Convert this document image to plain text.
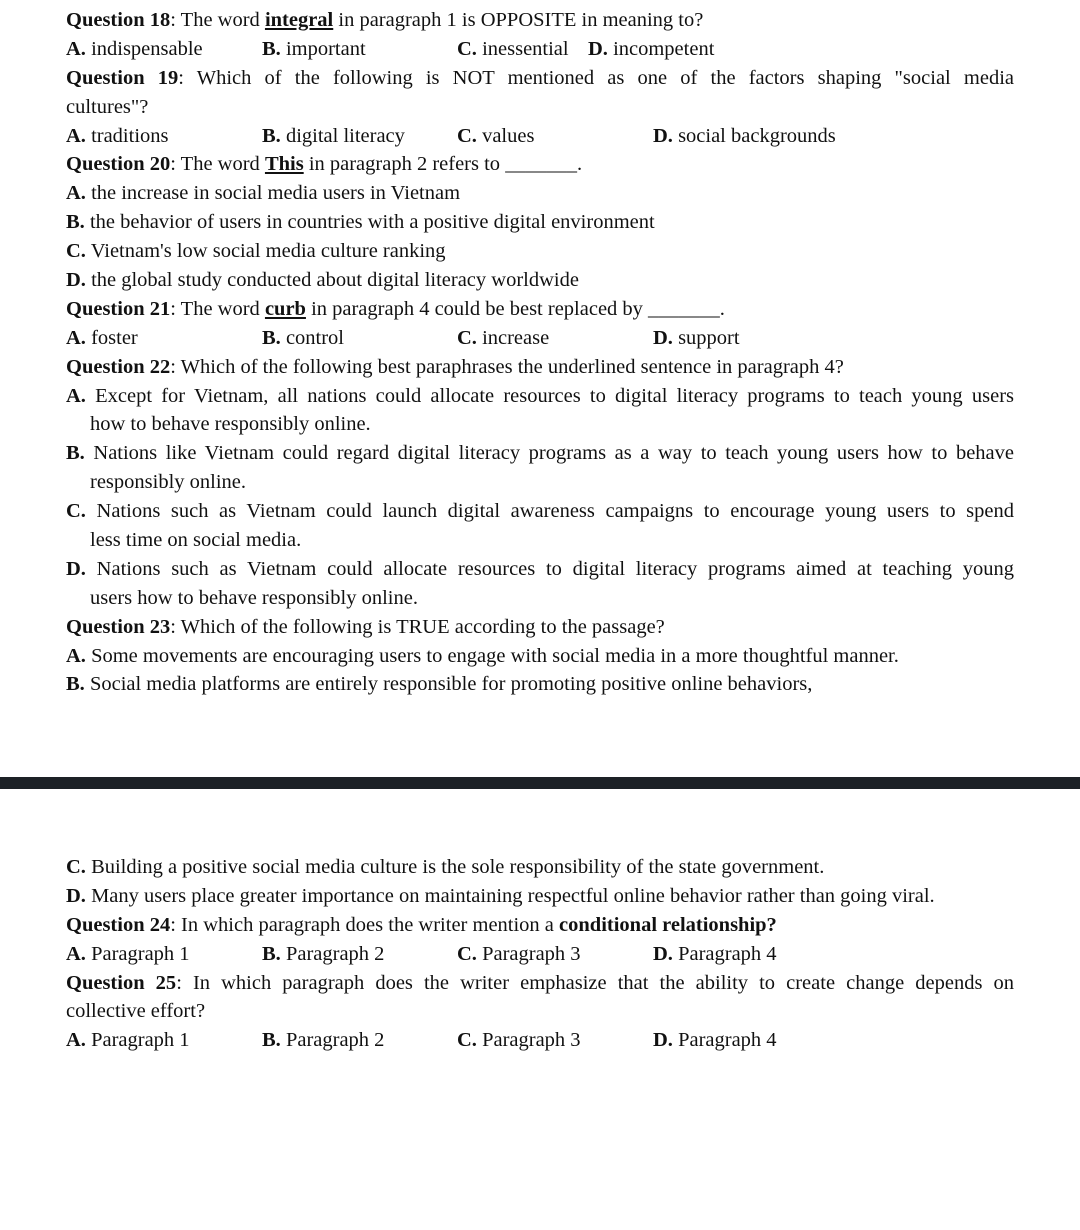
Question 18: The word integral in paragraph 1 is OPPOSITE in meaning to?
A. indispensable	B. important	C. inessential D. incompetent
Question 19: Which of the following is NOT mentioned as one of the factors shaping "social media
cultures"?
A. traditions	B. digital literacy	C. values	D. social backgrounds
Question 20: The word This in paragraph 2 refers to _______.
A. the increase in social media users in Vietnam
B. the behavior of users in countries with a positive digital environment
C. Vietnam's low social media culture ranking
D. the global study conducted about digital literacy worldwide
Question 21: The word curb in paragraph 4 could be best replaced by _______.
A. foster	B. control	C. increase	D. support
Question 22: Which of the following best paraphrases the underlined sentence in paragraph 4?
A. Except for Vietnam, all nations could allocate resources to digital literacy programs to teach young users
how to behave responsibly online.
B. Nations like Vietnam could regard digital literacy programs as a way to teach young users how to behave
responsibly online.
C. Nations such as Vietnam could launch digital awareness campaigns to encourage young users to spend
less time on social media.
D. Nations such as Vietnam could allocate resources to digital literacy programs aimed at teaching young
users how to behave responsibly online.
Question 23: Which of the following is TRUE according to the passage?
A. Some movements are encouraging users to engage with social media in a more thoughtful manner.
B. Social media platforms are entirely responsible for promoting positive online behaviors,
C. Building a positive social media culture is the sole responsibility of the state government.
D. Many users place greater importance on maintaining respectful online behavior rather than going viral.
Question 24: In which paragraph does the writer mention a conditional relationship?
A. Paragraph 1	B. Paragraph 2	C. Paragraph 3	D. Paragraph 4
Question 25: In which paragraph does the writer emphasize that the ability to create change depends on
collective effort?
A. Paragraph 1	B. Paragraph 2	C. Paragraph 3	D. Paragraph 4
